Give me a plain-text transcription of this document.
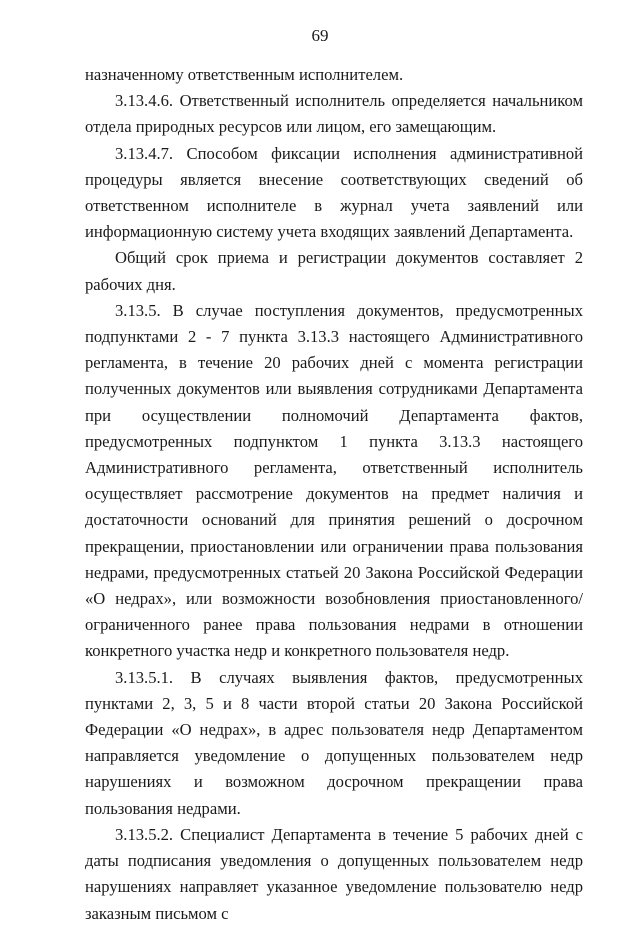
69

назначенному ответственным исполнителем.

3.13.4.6. Ответственный исполнитель определяется начальником отдела природных ресурсов или лицом, его замещающим.

3.13.4.7. Способом фиксации исполнения административной процедуры является внесение соответствующих сведений об ответственном исполнителе в журнал учета заявлений или информационную систему учета входящих заявлений Департамента.

Общий срок приема и регистрации документов составляет 2 рабочих дня.

3.13.5. В случае поступления документов, предусмотренных подпунктами 2 - 7 пункта 3.13.3 настоящего Административного регламента, в течение 20 рабочих дней с момента регистрации полученных документов или выявления сотрудниками Департамента при осуществлении полномочий Департамента фактов, предусмотренных подпунктом 1 пункта 3.13.3 настоящего Административного регламента, ответственный исполнитель осуществляет рассмотрение документов на предмет наличия и достаточности оснований для принятия решений о досрочном прекращении, приостановлении или ограничении права пользования недрами, предусмотренных статьей 20 Закона Российской Федерации «О недрах», или возможности возобновления приостановленного/ограниченного ранее права пользования недрами в отношении конкретного участка недр и конкретного пользователя недр.

3.13.5.1. В случаях выявления фактов, предусмотренных пунктами 2, 3, 5 и 8 части второй статьи 20 Закона Российской Федерации «О недрах», в адрес пользователя недр Департаментом направляется уведомление о допущенных пользователем недр нарушениях и возможном досрочном прекращении права пользования недрами.

3.13.5.2. Специалист Департамента в течение 5 рабочих дней с даты подписания уведомления о допущенных пользователем недр нарушениях направляет указанное уведомление пользователю недр заказным письмом с
